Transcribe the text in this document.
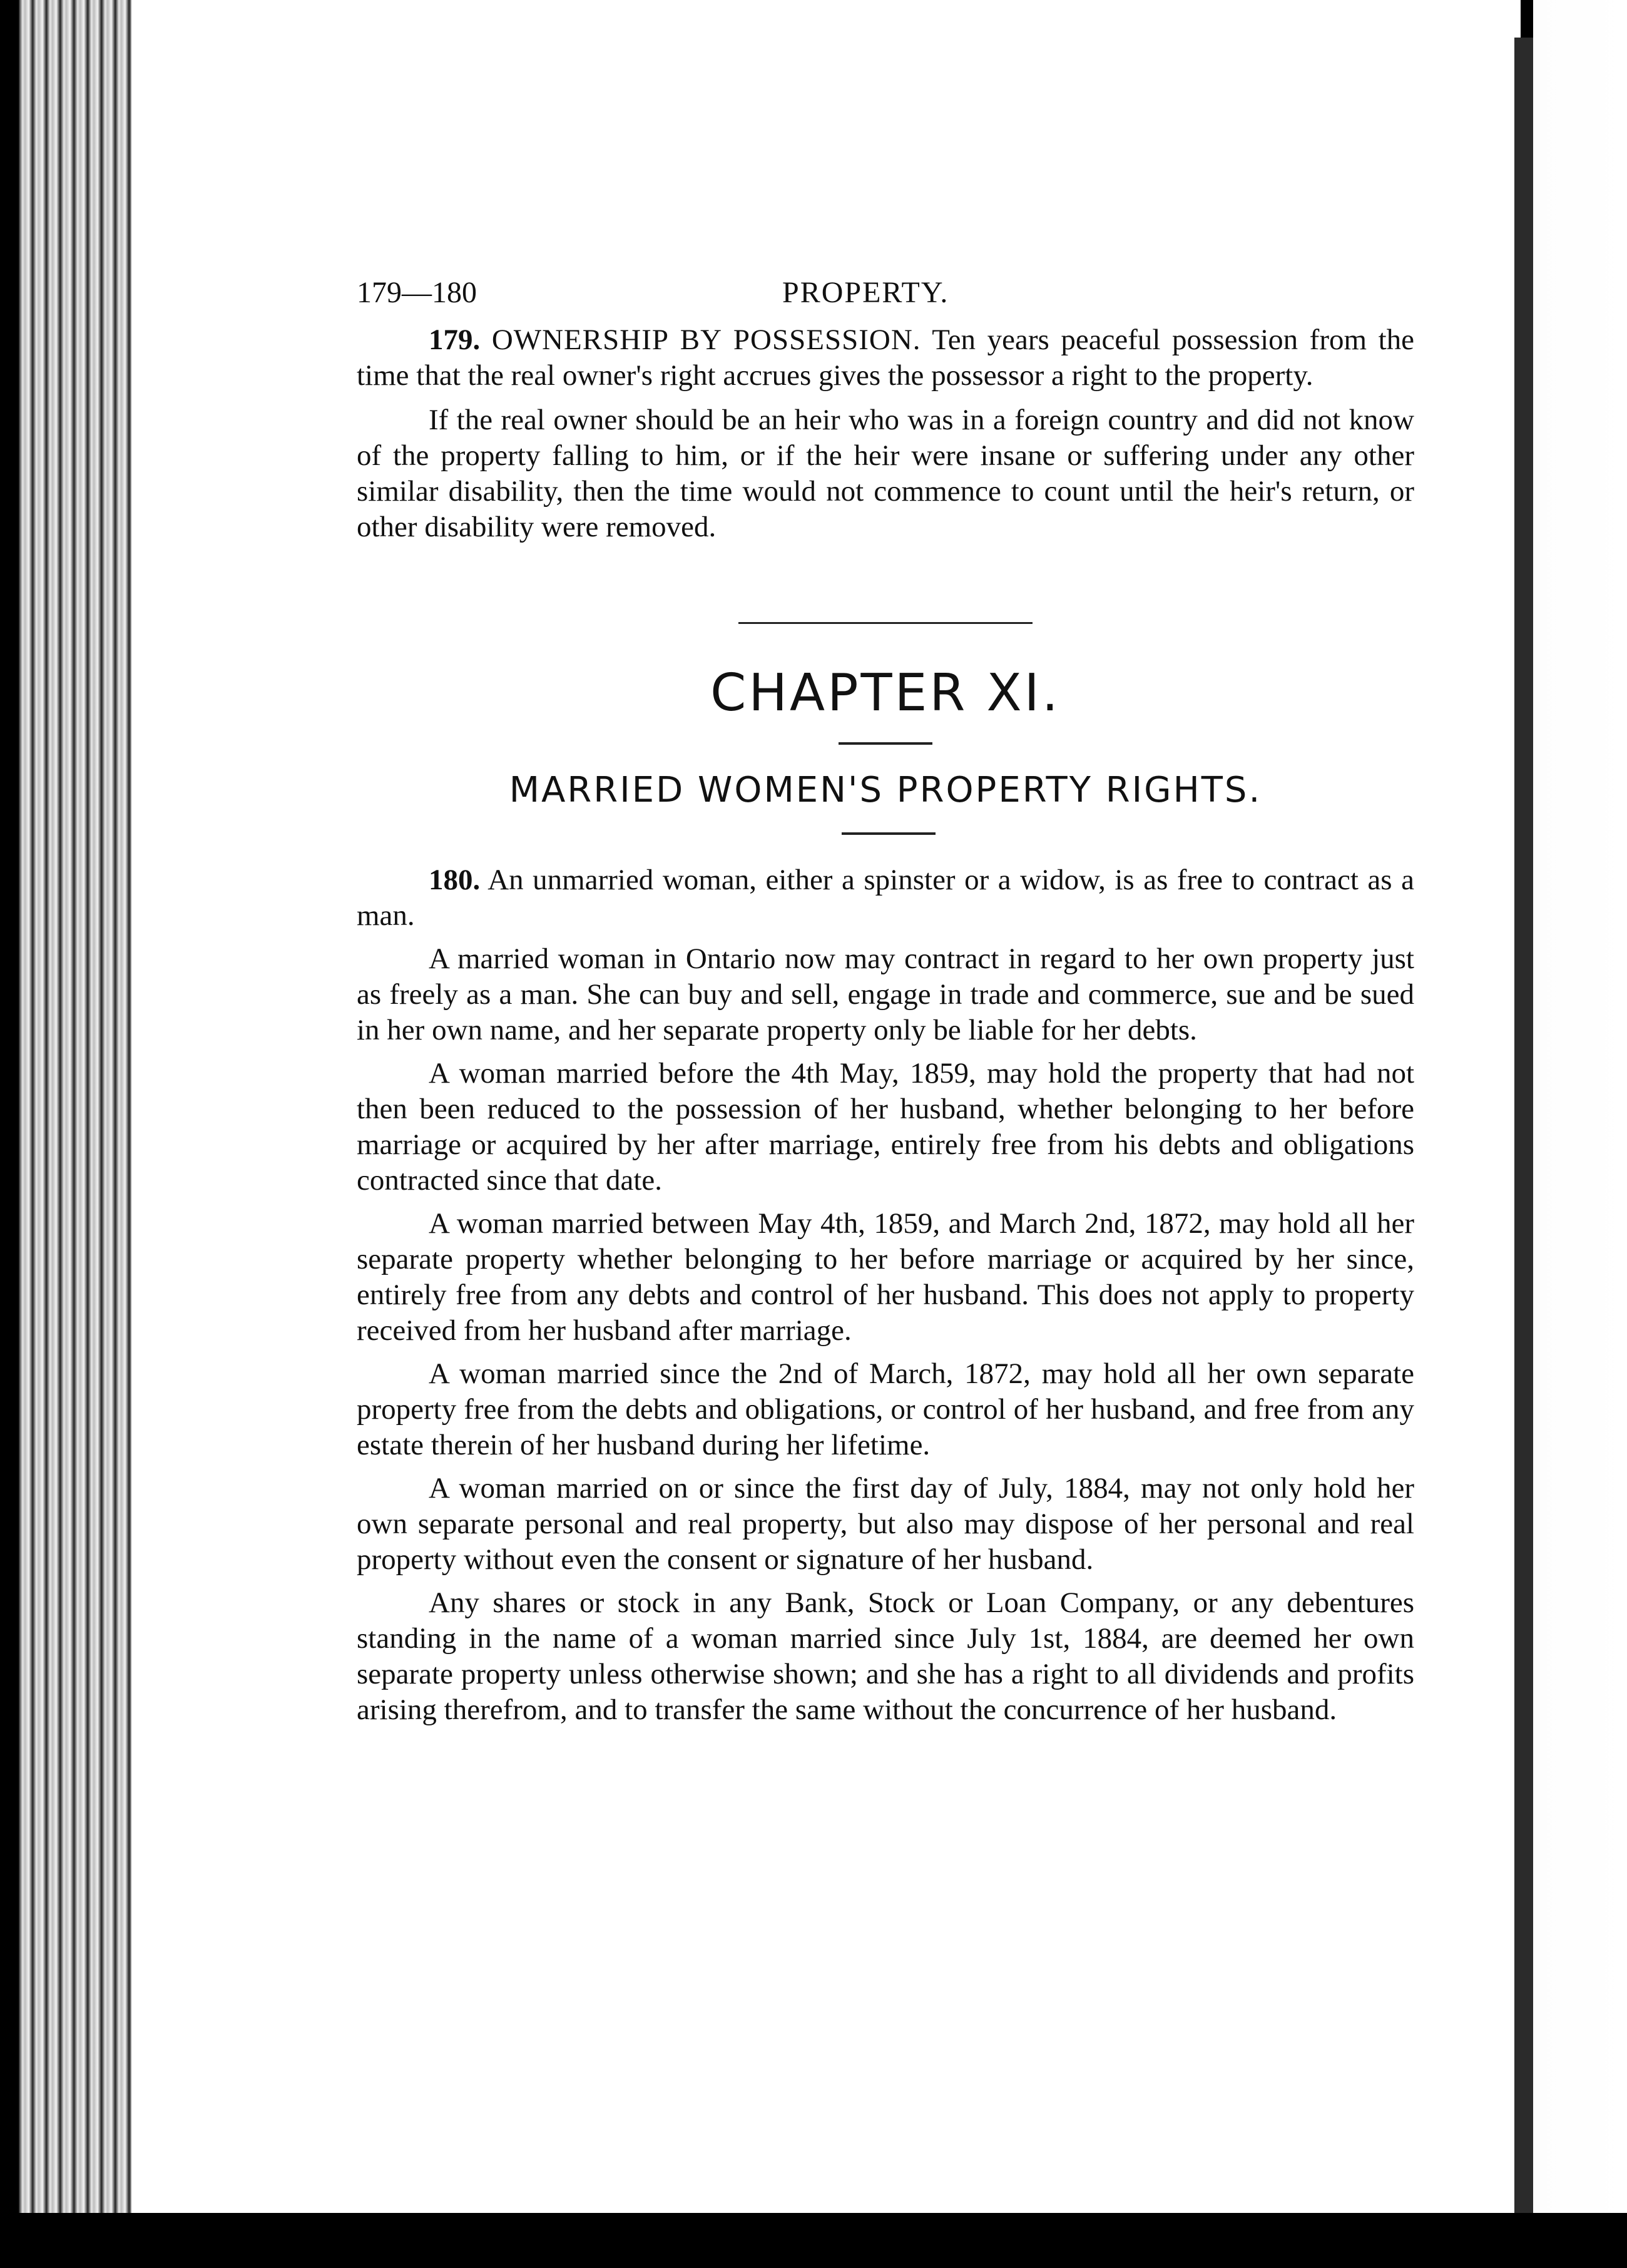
179—180	PROPERTY.

179. OWNERSHIP BY POSSESSION. Ten years peaceful possession from the time that the real owner's right accrues gives the possessor a right to the property.

If the real owner should be an heir who was in a foreign country and did not know of the property falling to him, or if the heir were insane or suffering under any other similar disability, then the time would not commence to count until the heir's return, or other disability were removed.

CHAPTER XI.
MARRIED WOMEN'S PROPERTY RIGHTS.

180. An unmarried woman, either a spinster or a widow, is as free to contract as a man.

A married woman in Ontario now may contract in regard to her own property just as freely as a man. She can buy and sell, engage in trade and commerce, sue and be sued in her own name, and her separate property only be liable for her debts.

A woman married before the 4th May, 1859, may hold the property that had not then been reduced to the possession of her husband, whether belonging to her before marriage or acquired by her after marriage, entirely free from his debts and obligations contracted since that date.

A woman married between May 4th, 1859, and March 2nd, 1872, may hold all her separate property whether belonging to her before marriage or acquired by her since, entirely free from any debts and control of her husband. This does not apply to property received from her husband after marriage.

A woman married since the 2nd of March, 1872, may hold all her own separate property free from the debts and obligations, or control of her husband, and free from any estate therein of her husband during her lifetime.

A woman married on or since the first day of July, 1884, may not only hold her own separate personal and real property, but also may dispose of her personal and real property without even the consent or signature of her husband.

Any shares or stock in any Bank, Stock or Loan Company, or any debentures standing in the name of a woman married since July 1st, 1884, are deemed her own separate property unless otherwise shown; and she has a right to all dividends and profits arising therefrom, and to transfer the same without the concurrence of her husband.
